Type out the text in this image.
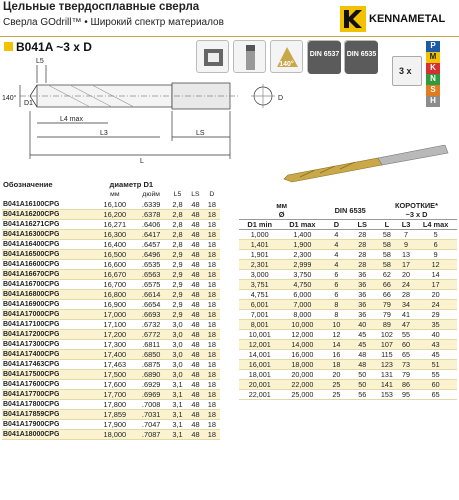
Цельные твердосплавные сверла
Сверла GOdrill™ • Широкий спектр материалов	KENNAMETAL
B041A ~3 x D
140°
DIN 6537 DIN 6535
3 x
P
M
K
N
S
H
140°
D1
L5
L4 max
L3	LS
L
D
Обозначение	диаметр D1				
	мм	дюйм	L5	LS	D
B041A16100CPG	16,100	.6339	2,8	48	18
B041A16200CPG	16,200	.6378	2,8	48	18
B041A16271CPG	16,271	.6406	2,8	48	18
B041A16300CPG	16,300	.6417	2,8	48	18
B041A16400CPG	16,400	.6457	2,8	48	18
B041A16500CPG	16,500	.6496	2,9	48	18
B041A16600CPG	16,600	.6535	2,9	48	18
B041A16670CPG	16,670	.6563	2,9	48	18
B041A16700CPG	16,700	.6575	2,9	48	18
B041A16800CPG	16,800	.6614	2,9	48	18
B041A16900CPG	16,900	.6654	2,9	48	18
B041A17000CPG	17,000	.6693	2,9	48	18
B041A17100CPG	17,100	.6732	3,0	48	18
B041A17200CPG	17,200	.6772	3,0	48	18
B041A17300CPG	17,300	.6811	3,0	48	18
B041A17400CPG	17,400	.6850	3,0	48	18
B041A17463CPG	17,463	.6875	3,0	48	18
B041A17500CPG	17,500	.6890	3,0	48	18
B041A17600CPG	17,600	.6929	3,1	48	18
B041A17700CPG	17,700	.6969	3,1	48	18
B041A17800CPG	17,800	.7008	3,1	48	18
B041A17859CPG	17,859	.7031	3,1	48	18
B041A17900CPG	17,900	.7047	3,1	48	18
B041A18000CPG	18,000	.7087	3,1	48	18
мм
Ø		DIN 6535		КОРОТКИЕ*
~3 x D		
D1 min	D1 max	D	LS	L	L3	L4 max
1,000	1,400	4	28	58	7	5
1,401	1,900	4	28	58	9	6
1,901	2,300	4	28	58	13	9
2,301	2,999	4	28	58	17	12
3,000	3,750	6	36	62	20	14
3,751	4,750	6	36	66	24	17
4,751	6,000	6	36	66	28	20
6,001	7,000	8	36	79	34	24
7,001	8,000	8	36	79	41	29
8,001	10,000	10	40	89	47	35
10,001	12,000	12	45	102	55	40
12,001	14,000	14	45	107	60	43
14,001	16,000	16	48	115	65	45
16,001	18,000	18	48	123	73	51
18,001	20,000	20	50	131	79	55
20,001	22,000	25	50	141	86	60
22,001	25,000	25	56	153	95	65
